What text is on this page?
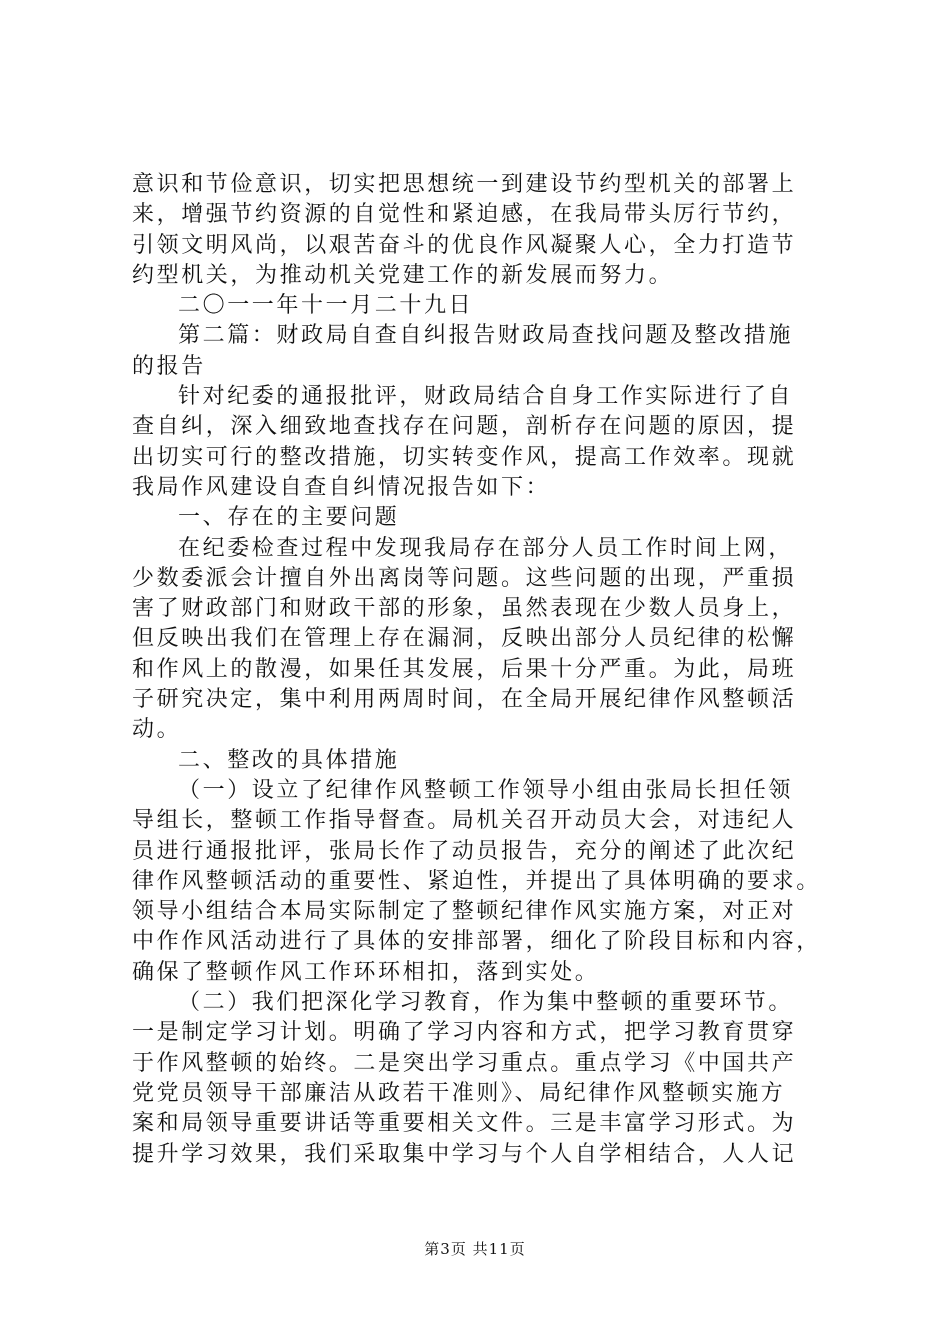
意识和节俭意识，切实把思想统一到建设节约型机关的部署上
来，增强节约资源的自觉性和紧迫感，在我局带头厉行节约，
引领文明风尚，以艰苦奋斗的优良作风凝聚人心，全力打造节
约型机关，为推动机关党建工作的新发展而努力。
二〇一一年十一月二十九日
第二篇：财政局自查自纠报告财政局查找问题及整改措施
的报告
针对纪委的通报批评，财政局结合自身工作实际进行了自
查自纠，深入细致地查找存在问题，剖析存在问题的原因，提
出切实可行的整改措施，切实转变作风，提高工作效率。现就
我局作风建设自查自纠情况报告如下：
一、存在的主要问题
在纪委检查过程中发现我局存在部分人员工作时间上网，
少数委派会计擅自外出离岗等问题。这些问题的出现，严重损
害了财政部门和财政干部的形象，虽然表现在少数人员身上，
但反映出我们在管理上存在漏洞，反映出部分人员纪律的松懈
和作风上的散漫，如果任其发展，后果十分严重。为此，局班
子研究决定，集中利用两周时间，在全局开展纪律作风整顿活
动。
二、整改的具体措施
（一）设立了纪律作风整顿工作领导小组由张局长担任领
导组长，整顿工作指导督查。局机关召开动员大会，对违纪人
员进行通报批评，张局长作了动员报告，充分的阐述了此次纪
律作风整顿活动的重要性、紧迫性，并提出了具体明确的要求。
领导小组结合本局实际制定了整顿纪律作风实施方案，对正对
中作作风活动进行了具体的安排部署，细化了阶段目标和内容，
确保了整顿作风工作环环相扣，落到实处。
（二）我们把深化学习教育，作为集中整顿的重要环节。
一是制定学习计划。明确了学习内容和方式，把学习教育贯穿
于作风整顿的始终。二是突出学习重点。重点学习《中国共产
党党员领导干部廉洁从政若干准则》、局纪律作风整顿实施方
案和局领导重要讲话等重要相关文件。三是丰富学习形式。为
提升学习效果，我们采取集中学习与个人自学相结合，人人记
第3页 共11页
